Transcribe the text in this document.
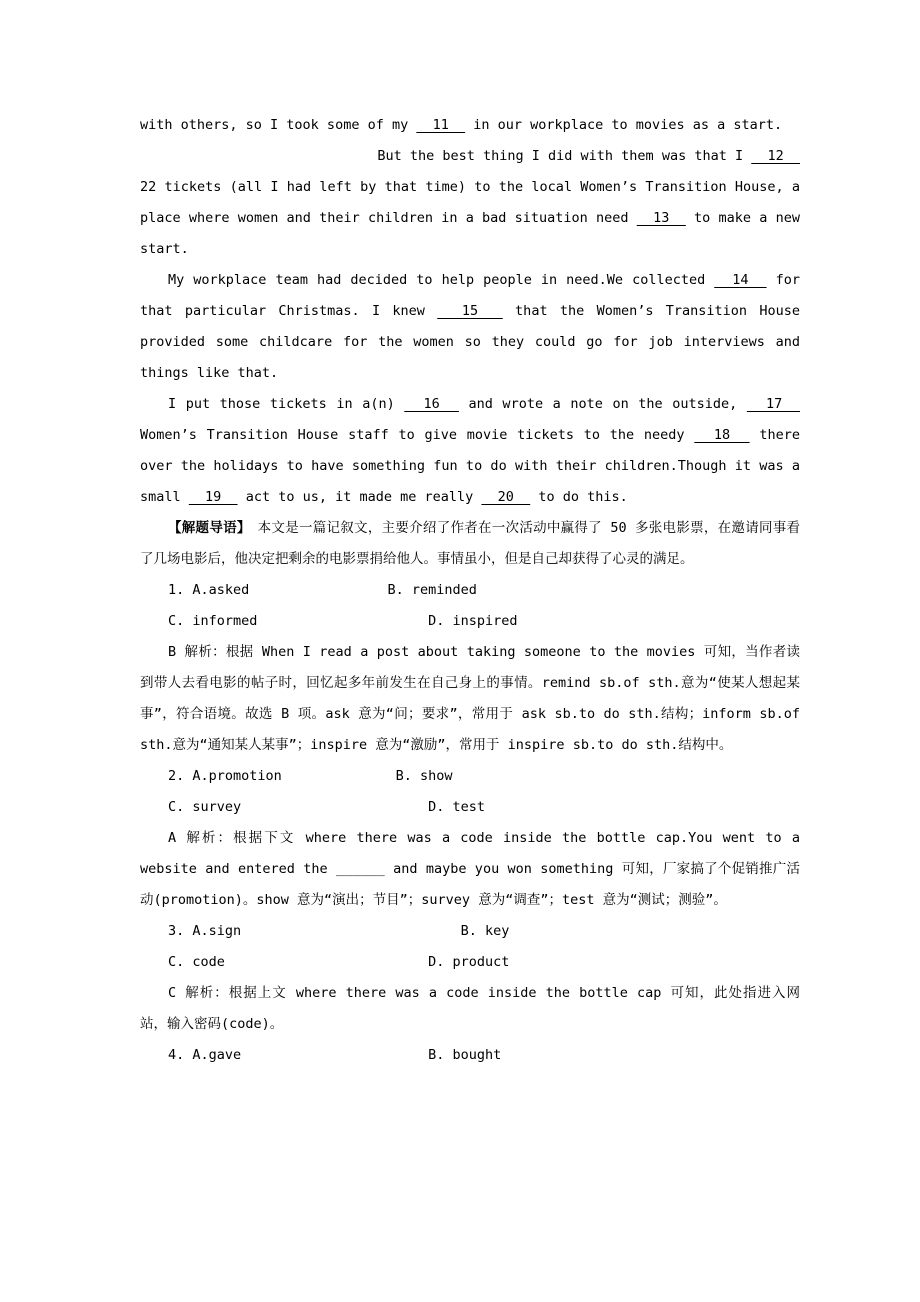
with others, so I took some of my   11   in our workplace to movies as a start.
But the best thing I did with them was that I   12
22 tickets (all I had left by that time) to the local Women’s Transition House, a place where women and their children in a bad situation need   13   to make a new start.
My workplace team had decided to help people in need.We collected   14   for that particular Christmas. I knew   15   that the Women’s Transition House provided some childcare for the women so they could go for job interviews and things like that.
I put those tickets in a(n)   16   and wrote a note on the outside,   17   Women’s Transition House staff to give movie tickets to the needy   18   there over the holidays to have something fun to do with their children.Though it was a small   19   act to us, it made me really   20   to do this.
【解题导语】　本文是一篇记叙文，主要介绍了作者在一次活动中赢得了 50 多张电影票，在邀请同事看了几场电影后，他决定把剩余的电影票捐给他人。事情虽小，但是自己却获得了心灵的满足。
1. A.asked                 B. reminded
C. informed                     D. inspired
B 解析：根据 When I read a post about taking someone to the movies 可知，当作者读到带人去看电影的帖子时，回忆起多年前发生在自己身上的事情。remind sb.of sth.意为“使某人想起某事”，符合语境。故选 B 项。ask 意为“问；要求”，常用于 ask sb.to do sth.结构；inform sb.of sth.意为“通知某人某事”；inspire 意为“激励”，常用于 inspire sb.to do sth.结构中。
2. A.promotion              B. show
C. survey                       D. test
A 解析：根据下文 where there was a code inside the bottle cap.You went to a website and entered the ______ and maybe you won something 可知，厂家搞了个促销推广活动(promotion)。show 意为“演出；节目”；survey 意为“调查”；test 意为“测试；测验”。
3. A.sign                           B. key
C. code                         D. product
C 解析：根据上文 where there was a code inside the bottle cap 可知，此处指进入网站，输入密码(code)。
4. A.gave                       B. bought
